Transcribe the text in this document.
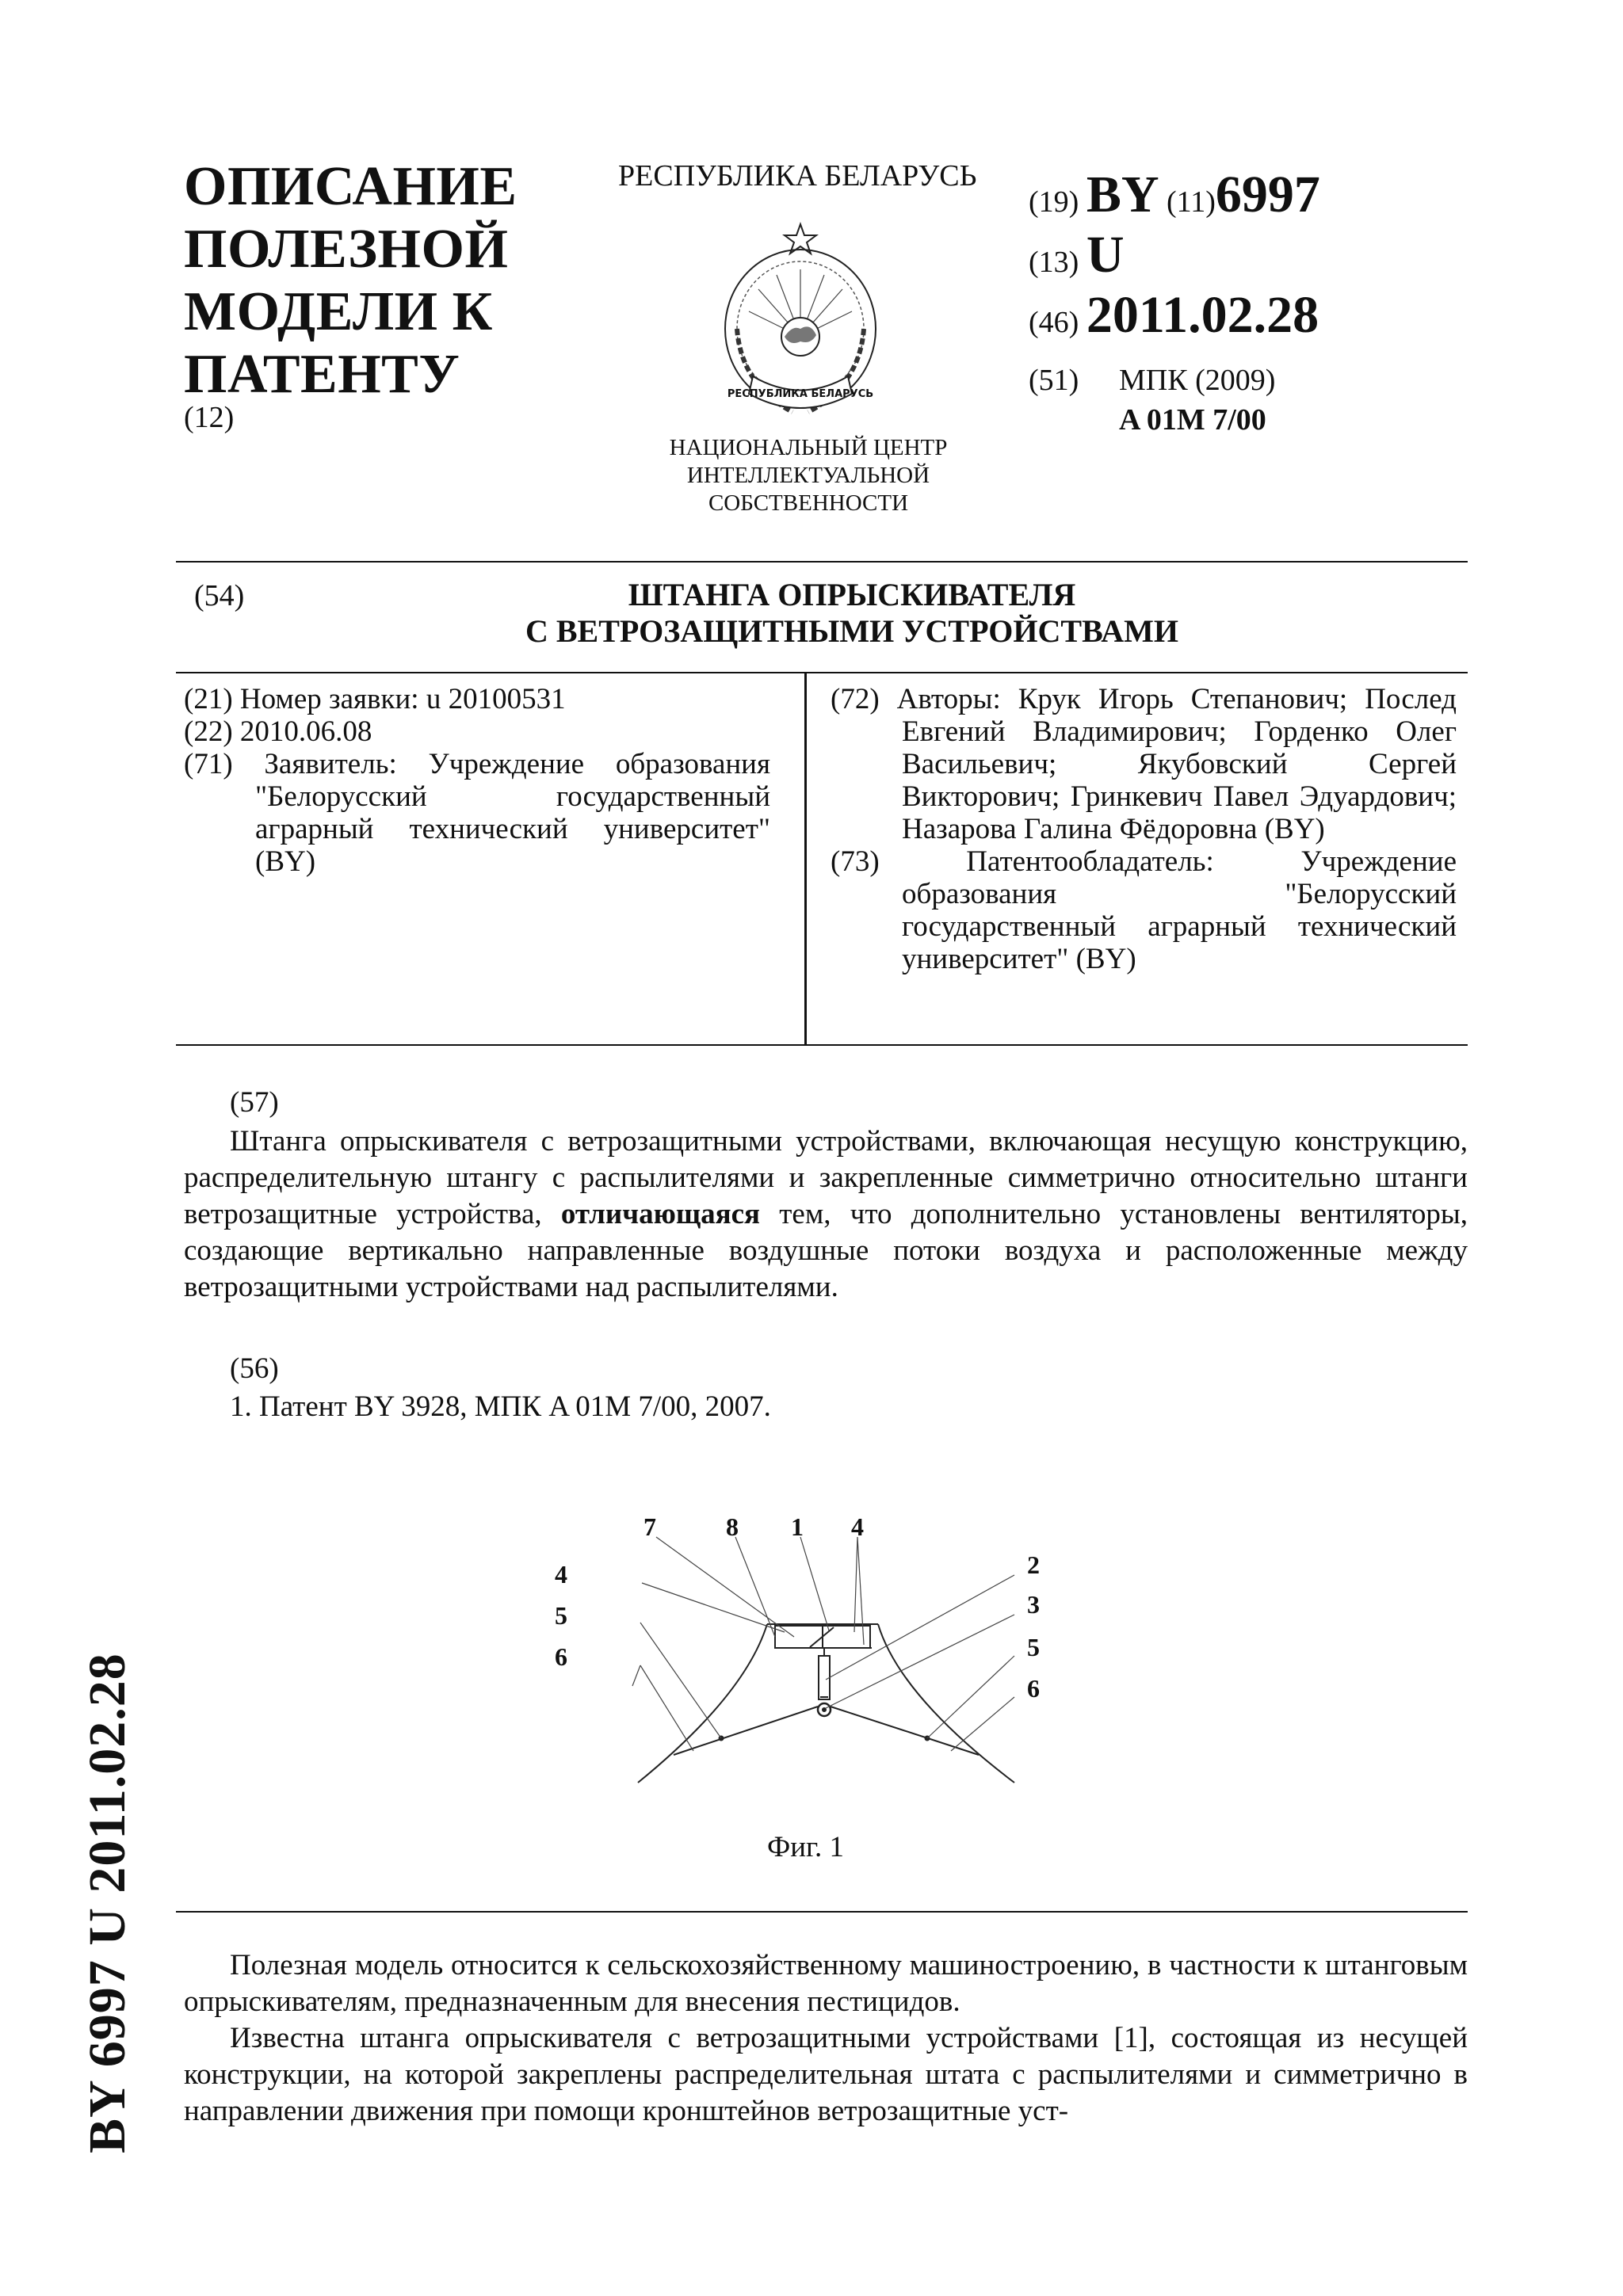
ОПИСАНИЕ
ПОЛЕЗНОЙ
МОДЕЛИ К
ПАТЕНТУ
(12)
РЕСПУБЛИКА БЕЛАРУСЬ
РЕСПУБЛИКА БЕЛАРУСЬ
НАЦИОНАЛЬНЫЙ ЦЕНТР
ИНТЕЛЛЕКТУАЛЬНОЙ
СОБСТВЕННОСТИ
(19) BY (11)6997
(13) U
(46) 2011.02.28
(51) МПК (2009)
A 01M 7/00
(54)	ШТАНГА ОПРЫСКИВАТЕЛЯ
С ВЕТРОЗАЩИТНЫМИ УСТРОЙСТВАМИ
(21) Номер заявки: u 20100531
(22) 2010.06.08
(71) Заявитель: Учреждение образования "Белорусский государственный аграрный технический университет" (BY)
(72) Авторы: Крук Игорь Степанович; Послед Евгений Владимирович; Горденко Олег Васильевич; Якубовский Сергей Викторович; Гринкевич Павел Эдуардович; Назарова Галина Фёдоровна (BY)
(73) Патентообладатель: Учреждение образования "Белорусский государственный аграрный технический университет" (BY)
(57)
Штанга опрыскивателя с ветрозащитными устройствами, включающая несущую конструкцию, распределительную штангу с распылителями и закрепленные симметрично относительно штанги ветрозащитные устройства, отличающаяся тем, что дополнительно установлены вентиляторы, создающие вертикально направленные воздушные потоки воздуха и расположенные между ветрозащитными устройствами над распылителями.
(56)
1. Патент BY 3928, МПК A 01M 7/00, 2007.
7	8 1 4
2
3
5
6
4
5
6
Фиг. 1

Полезная модель относится к сельскохозяйственному машиностроению, в частности к штанговым опрыскивателям, предназначенным для внесения пестицидов.

Известна штанга опрыскивателя с ветрозащитными устройствами [1], состоящая из несущей конструкции, на которой закреплены распределительная штата с распылителями и симметрично в направлении движения при помощи кронштейнов ветрозащитные уст-

BY 6997 U 2011.02.28
